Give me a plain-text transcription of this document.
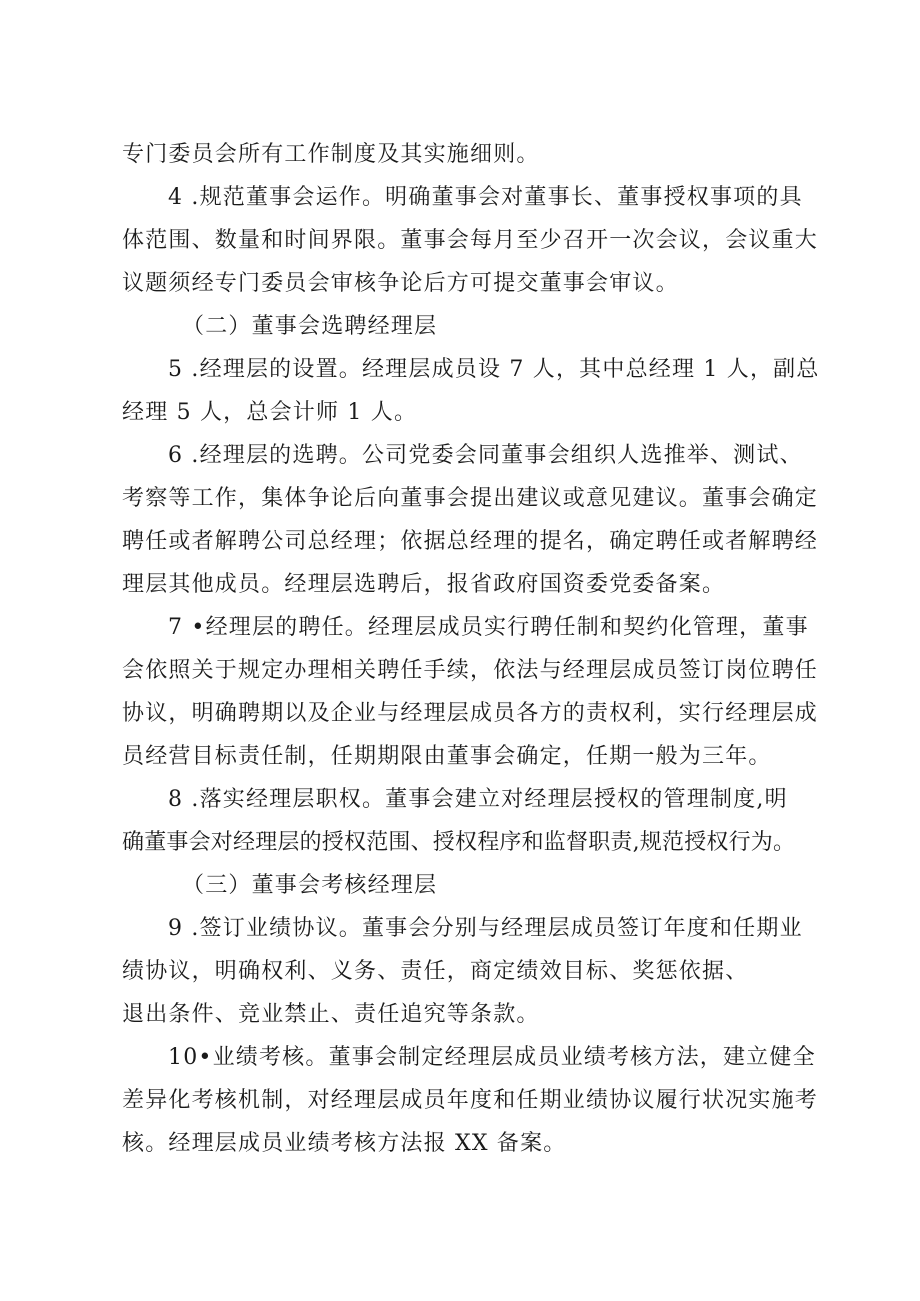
专门委员会所有工作制度及其实施细则。
4 .规范董事会运作。明确董事会对董事长、董事授权事项的具
体范围、数量和时间界限。董事会每月至少召开一次会议，会议重大
议题须经专门委员会审核争论后方可提交董事会审议。
（二）董事会选聘经理层
5 .经理层的设置。经理层成员设 7 人，其中总经理 1 人，副总
经理 5 人，总会计师 1 人。
6 .经理层的选聘。公司党委会同董事会组织人选推举、测试、
考察等工作，集体争论后向董事会提出建议或意见建议。董事会确定
聘任或者解聘公司总经理；依据总经理的提名，确定聘任或者解聘经
理层其他成员。经理层选聘后，报省政府国资委党委备案。
7 •经理层的聘任。经理层成员实行聘任制和契约化管理，董事
会依照关于规定办理相关聘任手续，依法与经理层成员签订岗位聘任
协议，明确聘期以及企业与经理层成员各方的责权利，实行经理层成
员经营目标责任制，任期期限由董事会确定，任期一般为三年。
8 .落实经理层职权。董事会建立对经理层授权的管理制度,明
确董事会对经理层的授权范围、授权程序和监督职责,规范授权行为。
（三）董事会考核经理层
9 .签订业绩协议。董事会分别与经理层成员签订年度和任期业
绩协议，明确权利、义务、责任，商定绩效目标、奖惩依据、
退出条件、竞业禁止、责任追究等条款。
10•业绩考核。董事会制定经理层成员业绩考核方法，建立健全
差异化考核机制，对经理层成员年度和任期业绩协议履行状况实施考
核。经理层成员业绩考核方法报 XX 备案。
